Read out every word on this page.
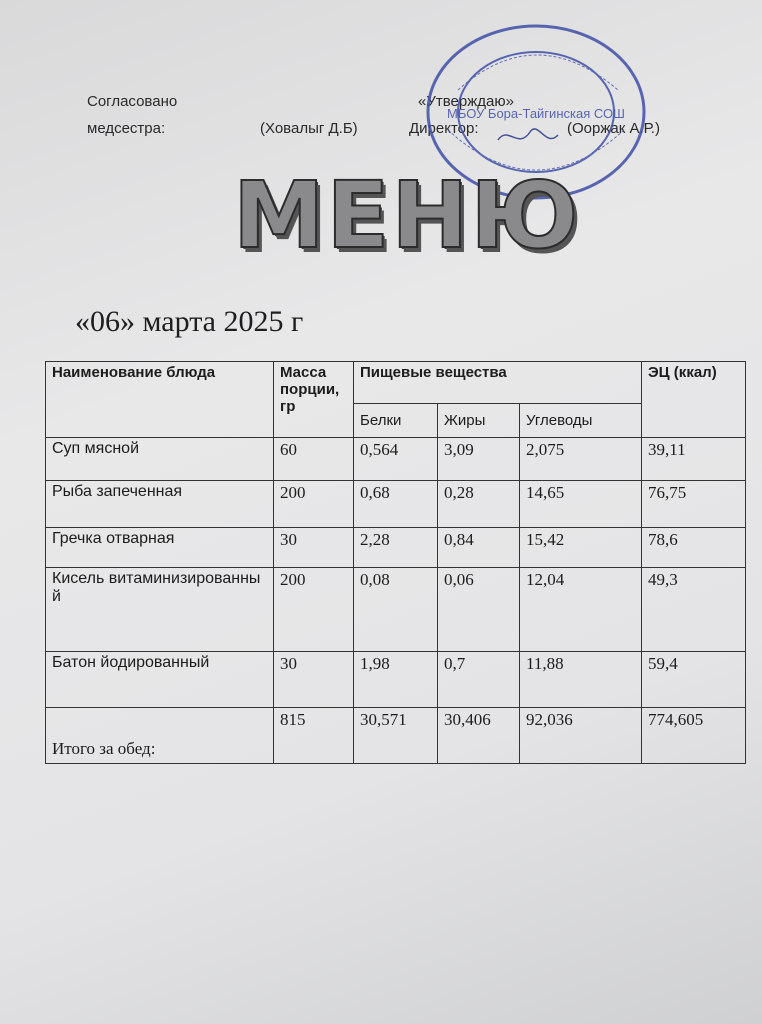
Согласовано
медсестра:	(Ховалыг Д.Б)
«Утверждаю»
Директор:	(Ооржак А.Р.)
МБОУ Бора-Тайгинская СОШ
МЕНЮ
«06» марта 2025 г
Наименование блюда	Масса порции, гр	Пищевые вещества			ЭЦ (ккал)
		Белки	Жиры	Углеводы	
Суп мясной	60	0,564	3,09	2,075	39,11
Рыба запеченная	200	0,68	0,28	14,65	76,75
Гречка отварная	30	2,28	0,84	15,42	78,6
Кисель витаминизированный	200	0,08	0,06	12,04	49,3
Батон йодированный	30	1,98	0,7	11,88	59,4
Итого за обед:	815	30,571	30,406	92,036	774,605
